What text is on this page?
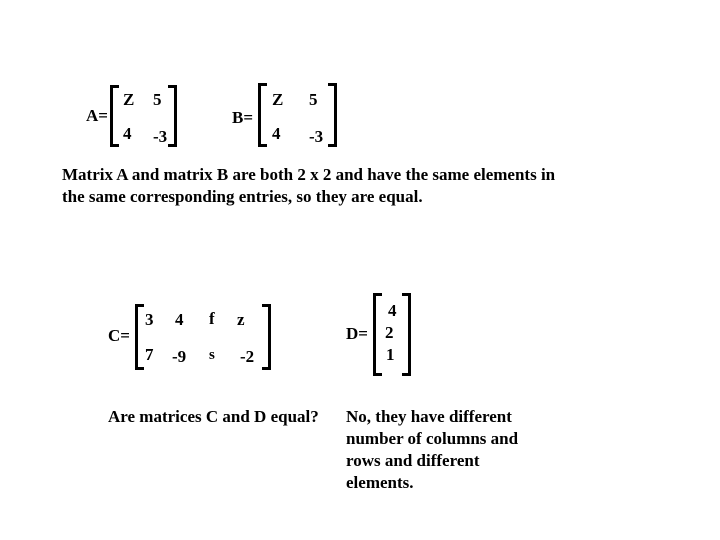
A=
Z 5
4 -3
B=
Z 5
4 -3
Matrix A and matrix B are both 2 x 2 and have the same elements in
the same corresponding entries, so they are equal.
C=
3 4 f z
7 -9 s -2
D=
4
2
1
Are matrices C and D equal? No, they have different
number of columns and
rows and different
elements.
